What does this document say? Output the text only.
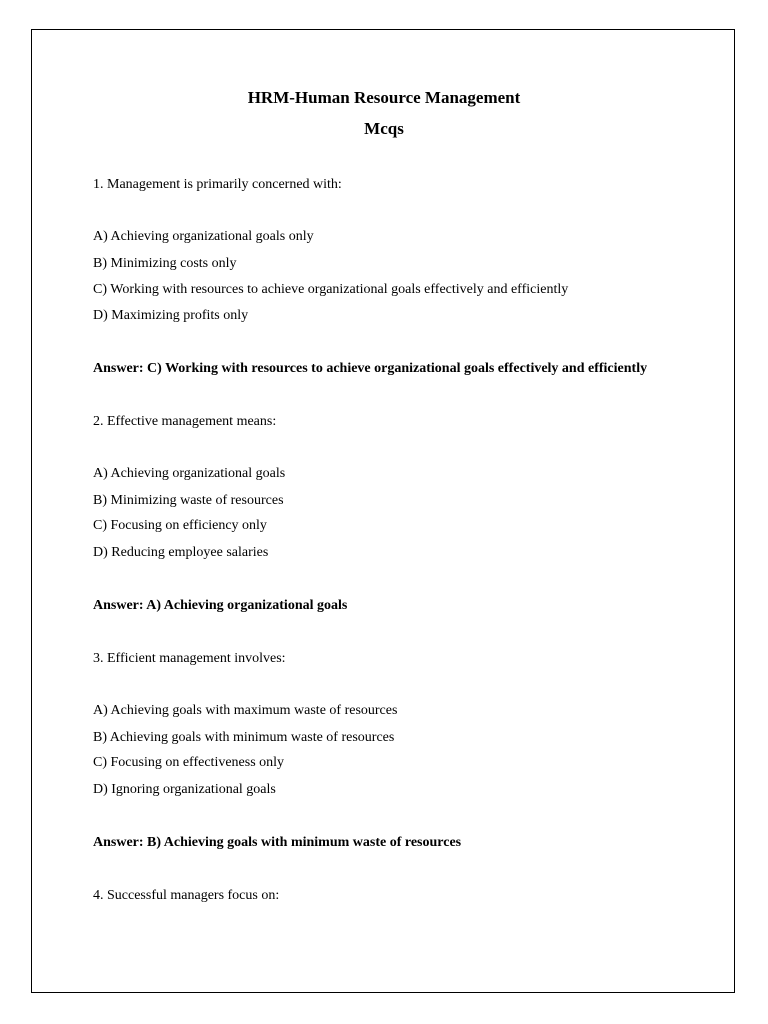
HRM-Human Resource Management
Mcqs
1. Management is primarily concerned with:
A) Achieving organizational goals only
B) Minimizing costs only
C) Working with resources to achieve organizational goals effectively and efficiently
D) Maximizing profits only
Answer: C) Working with resources to achieve organizational goals effectively and efficiently
2. Effective management means:
A) Achieving organizational goals
B) Minimizing waste of resources
C) Focusing on efficiency only
D) Reducing employee salaries
Answer: A) Achieving organizational goals
3. Efficient management involves:
A) Achieving goals with maximum waste of resources
B) Achieving goals with minimum waste of resources
C) Focusing on effectiveness only
D) Ignoring organizational goals
Answer: B) Achieving goals with minimum waste of resources
4. Successful managers focus on:
